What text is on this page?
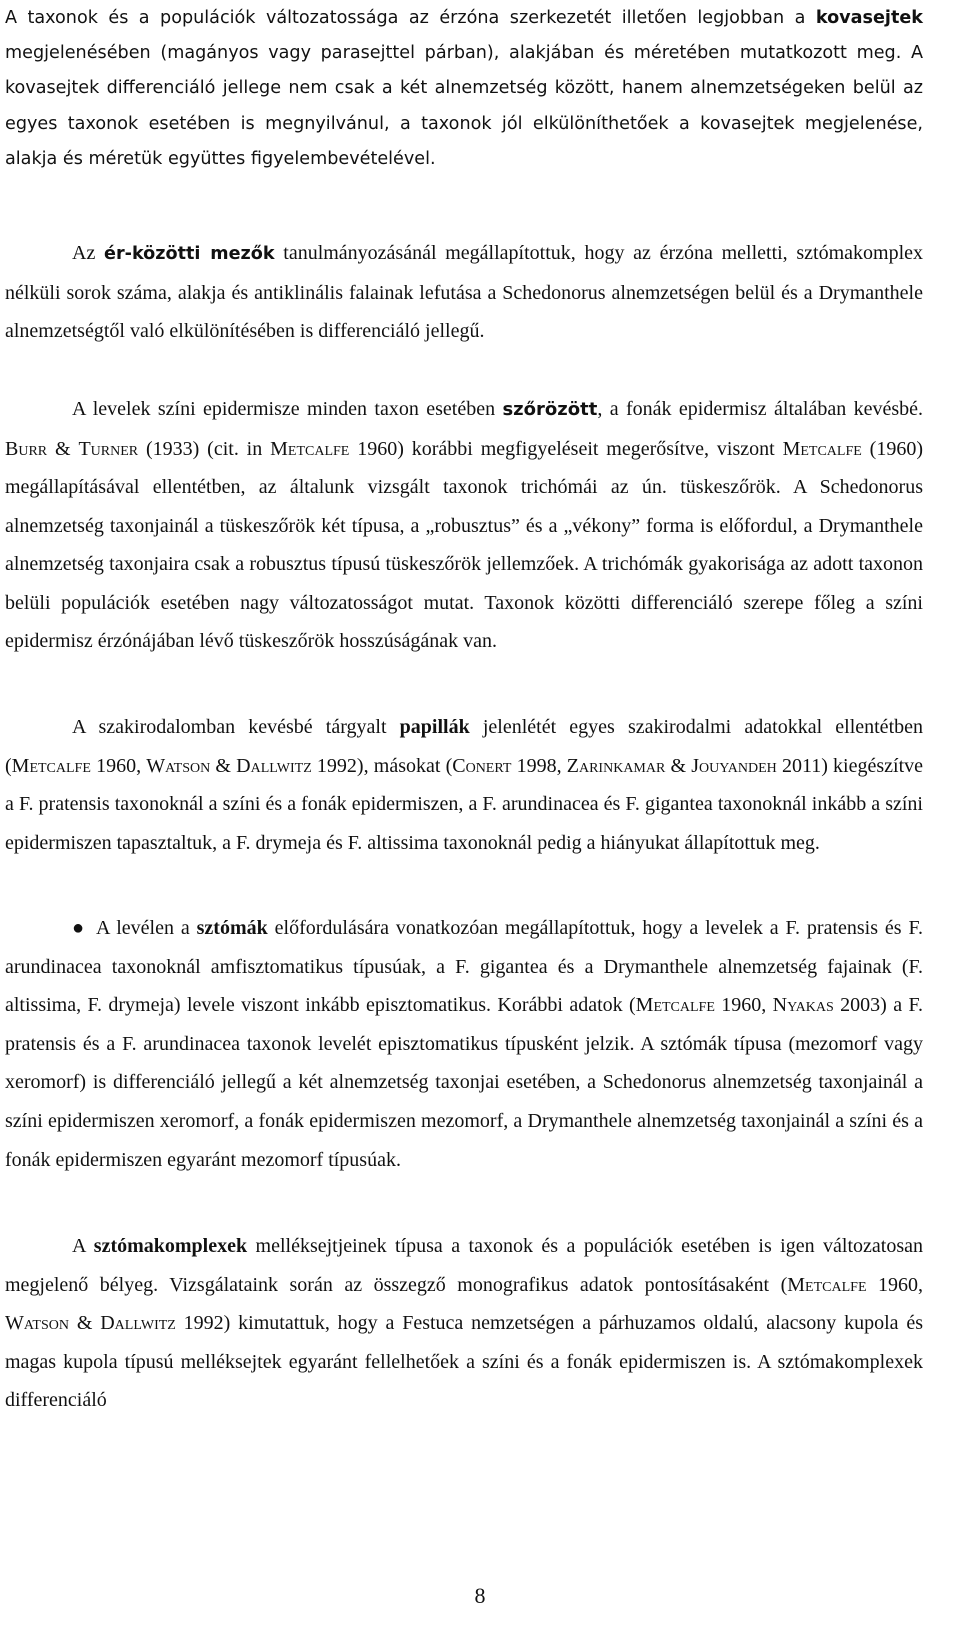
A taxonok és a populációk változatossága az érzóna szerkezetét illetően legjobban a kovasejtek megjelenésében (magányos vagy parasejttel párban), alakjában és méretében mutatkozott meg. A kovasejtek differenciáló jellege nem csak a két alnemzetség között, hanem alnemzetségeken belül az egyes taxonok esetében is megnyilvánul, a taxonok jól elkülöníthetőek a kovasejtek megjelenése, alakja és méretük együttes figyelembevételével.

Az ér-közötti mezők tanulmányozásánál megállapítottuk, hogy az érzóna melletti, sztómakomplex nélküli sorok száma, alakja és antiklinális falainak lefutása a Schedonorus alnemzetségen belül és a Drymanthele alnemzetségtől való elkülönítésében is differenciáló jellegű.

A levelek színi epidermisze minden taxon esetében szőrözött, a fonák epidermisz általában kevésbé. Burr & Turner (1933) (cit. in Metcalfe 1960) korábbi megfigyeléseit megerősítve, viszont Metcalfe (1960) megállapításával ellentétben, az általunk vizsgált taxonok trichómái az ún. tüskeszőrök. A Schedonorus alnemzetség taxonjainál a tüskeszőrök két típusa, a „robusztus” és a „vékony” forma is előfordul, a Drymanthele alnemzetség taxonjaira csak a robusztus típusú tüskeszőrök jellemzőek. A trichómák gyakorisága az adott taxonon belüli populációk esetében nagy változatosságot mutat. Taxonok közötti differenciáló szerepe főleg a színi epidermisz érzónájában lévő tüskeszőrök hosszúságának van.

A szakirodalomban kevésbé tárgyalt papillák jelenlétét egyes szakirodalmi adatokkal ellentétben (Metcalfe 1960, Watson & Dallwitz 1992), másokat (Conert 1998, Zarinkamar & Jouyandeh 2011) kiegészítve a F. pratensis taxonoknál a színi és a fonák epidermiszen, a F. arundinacea és F. gigantea taxonoknál inkább a színi epidermiszen tapasztaltuk, a F. drymeja és F. altissima taxonoknál pedig a hiányukat állapítottuk meg.

● A levélen a sztómák előfordulására vonatkozóan megállapítottuk, hogy a levelek a F. pratensis és F. arundinacea taxonoknál amfisztomatikus típusúak, a F. gigantea és a Drymanthele alnemzetség fajainak (F. altissima, F. drymeja) levele viszont inkább episztomatikus. Korábbi adatok (Metcalfe 1960, Nyakas 2003) a F. pratensis és a F. arundinacea taxonok levelét episztomatikus típusként jelzik. A sztómák típusa (mezomorf vagy xeromorf) is differenciáló jellegű a két alnemzetség taxonjai esetében, a Schedonorus alnemzetség taxonjainál a színi epidermiszen xeromorf, a fonák epidermiszen mezomorf, a Drymanthele alnemzetség taxonjainál a színi és a fonák epidermiszen egyaránt mezomorf típusúak.

A sztómakomplexek melléksejtjeinek típusa a taxonok és a populációk esetében is igen változatosan megjelenő bélyeg. Vizsgálataink során az összegző monografikus adatok pontosításaként (Metcalfe 1960, Watson & Dallwitz 1992) kimutattuk, hogy a Festuca nemzetségen a párhuzamos oldalú, alacsony kupola és magas kupola típusú melléksejtek egyaránt fellelhetőek a színi és a fonák epidermiszen is. A sztómakomplexek differenciáló

8
